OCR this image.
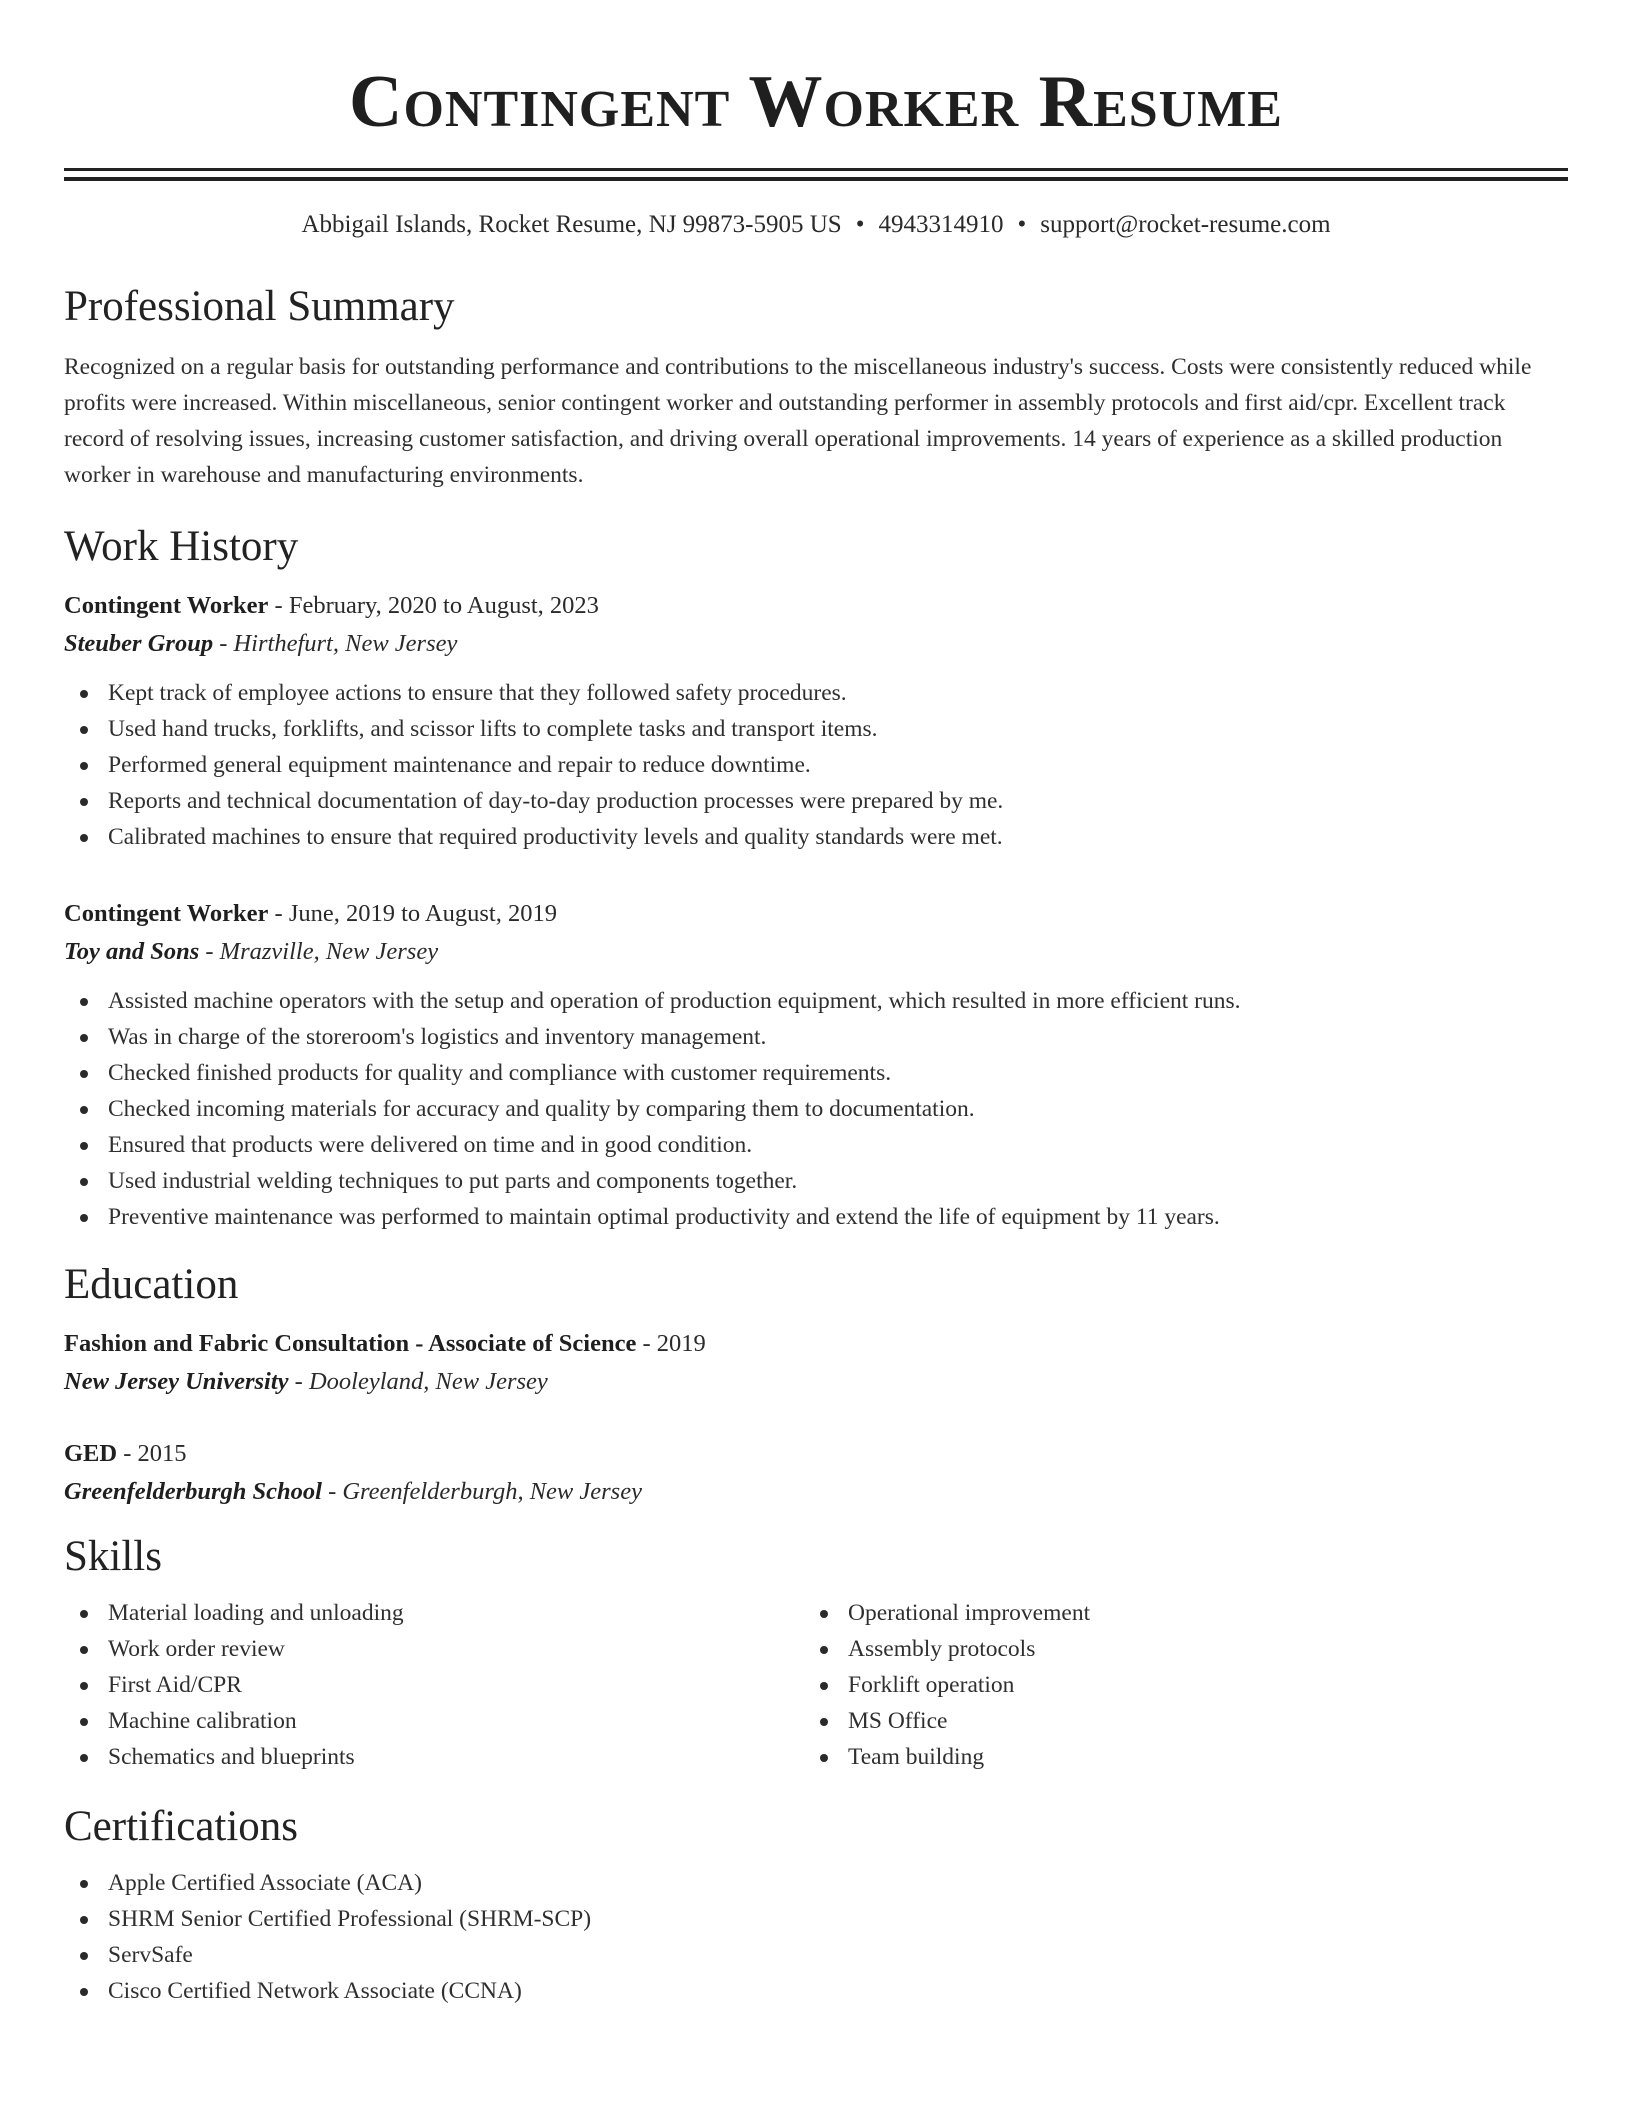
Contingent Worker Resume
Abbigail Islands, Rocket Resume, NJ 99873-5905 US • 4943314910 • support@rocket-resume.com
Professional Summary

Recognized on a regular basis for outstanding performance and contributions to the miscellaneous industry's success. Costs were consistently reduced while profits were increased. Within miscellaneous, senior contingent worker and outstanding performer in assembly protocols and first aid/cpr. Excellent track record of resolving issues, increasing customer satisfaction, and driving overall operational improvements. 14 years of experience as a skilled production worker in warehouse and manufacturing environments.

Work History
Contingent Worker - February, 2020 to August, 2023
Steuber Group - Hirthefurt, New Jersey
Kept track of employee actions to ensure that they followed safety procedures.
Used hand trucks, forklifts, and scissor lifts to complete tasks and transport items.
Performed general equipment maintenance and repair to reduce downtime.
Reports and technical documentation of day-to-day production processes were prepared by me.
Calibrated machines to ensure that required productivity levels and quality standards were met.
Contingent Worker - June, 2019 to August, 2019
Toy and Sons - Mrazville, New Jersey
Assisted machine operators with the setup and operation of production equipment, which resulted in more efficient runs.
Was in charge of the storeroom's logistics and inventory management.
Checked finished products for quality and compliance with customer requirements.
Checked incoming materials for accuracy and quality by comparing them to documentation.
Ensured that products were delivered on time and in good condition.
Used industrial welding techniques to put parts and components together.
Preventive maintenance was performed to maintain optimal productivity and extend the life of equipment by 11 years.
Education
Fashion and Fabric Consultation - Associate of Science - 2019
New Jersey University - Dooleyland, New Jersey
GED - 2015
Greenfelderburgh School - Greenfelderburgh, New Jersey
Skills
Material loading and unloading
Work order review
First Aid/CPR
Machine calibration
Schematics and blueprints
Operational improvement
Assembly protocols
Forklift operation
MS Office
Team building
Certifications
Apple Certified Associate (ACA)
SHRM Senior Certified Professional (SHRM-SCP)
ServSafe
Cisco Certified Network Associate (CCNA)
